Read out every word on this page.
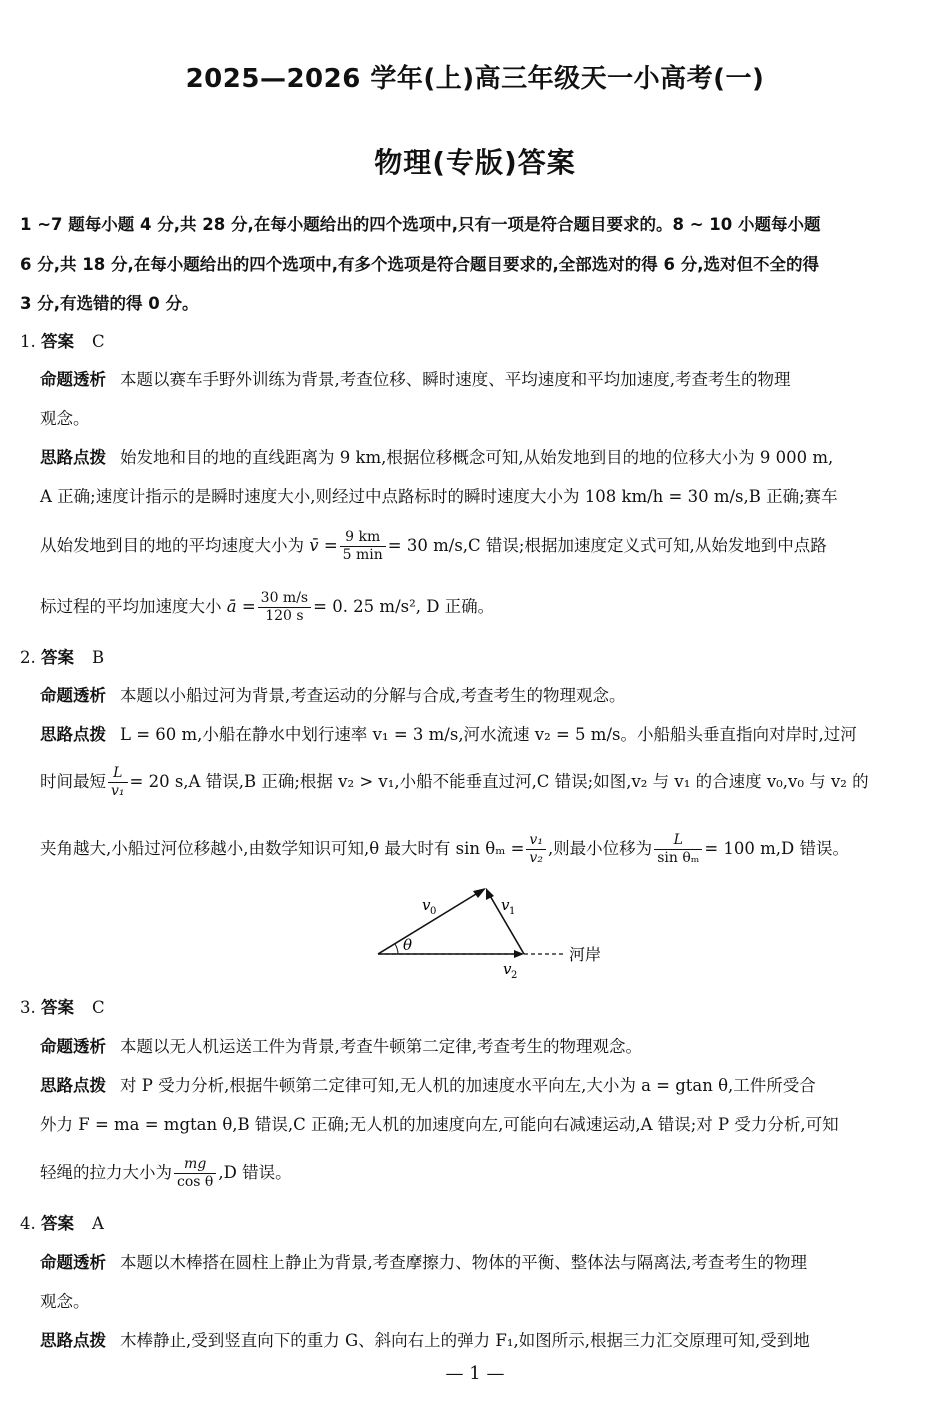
2025—2026 学年(上)高三年级天一小高考(一)
物理(专版)答案
1 ~7 题每小题 4 分,共 28 分,在每小题给出的四个选项中,只有一项是符合题目要求的。8 ~ 10 小题每小题
6 分,共 18 分,在每小题给出的四个选项中,有多个选项是符合题目要求的,全部选对的得 6 分,选对但不全的得
3 分,有选错的得 0 分。
1. 答案 C
命题透析 本题以赛车手野外训练为背景,考查位移、瞬时速度、平均速度和平均加速度,考查考生的物理
观念。
思路点拨 始发地和目的地的直线距离为 9 km,根据位移概念可知,从始发地到目的地的位移大小为 9 000 m,
A 正确;速度计指示的是瞬时速度大小,则经过中点路标时的瞬时速度大小为 108 km/h = 30 m/s,B 正确;赛车
从始发地到目的地的平均速度大小为 v̄ = $\frac{9 km}{5 \min} = 30$ m/s,C 错误;根据加速度定义式可知,从始发地到中点路
标过程的平均加速度大小 ā = $\frac{30 m/s}{120 s} = 0$. 25 m/s², D 正确。
2. 答案 B
命题透析 本题以小船过河为背景,考查运动的分解与合成,考查考生的物理观念。
思路点拨 L = 60 m,小船在静水中划行速率 v₁ = 3 m/s,河水流速 v₂ = 5 m/s。小船船头垂直指向对岸时,过河
时间最短 $\frac{L}{\text{v₁}} = 20$ s,A 错误,B 正确;根据 v₂ > v₁,小船不能垂直过河,C 错误;如图,v₂ 与 v₁ 的合速度 v₀,v₀ 与 v₂ 的
夹角越大,小船过河位移越小,由数学知识可知,θ 最大时有 $\sin \theta_m = \frac{\text{v₁}}{\text{v₂}}$ ,则最小位移为 $\frac{L}{\text{sin θₘ}} = 100$ m,D 错误。
θ
v 0	v 1
v 2
河岸
3. 答案 C
命题透析 本题以无人机运送工件为背景,考查牛顿第二定律,考查考生的物理观念。
思路点拨 对 P 受力分析,根据牛顿第二定律可知,无人机的加速度水平向左,大小为 a = gtan θ,工件所受合
外力 F = ma = mgtan θ,B 错误,C 正确;无人机的加速度向左,可能向右减速运动,A 错误;对 P 受力分析,可知
轻绳的拉力大小为 $\frac{mg}{\text{cos θ}} ,D$ 错误。
4. 答案 A
命题透析 本题以木棒搭在圆柱上静止为背景,考查摩擦力、物体的平衡、整体法与隔离法,考查考生的物理
观念。
思路点拨 木棒静止,受到竖直向下的重力 G、斜向右上的弹力 F₁,如图所示,根据三力汇交原理可知,受到地
— 1 —
